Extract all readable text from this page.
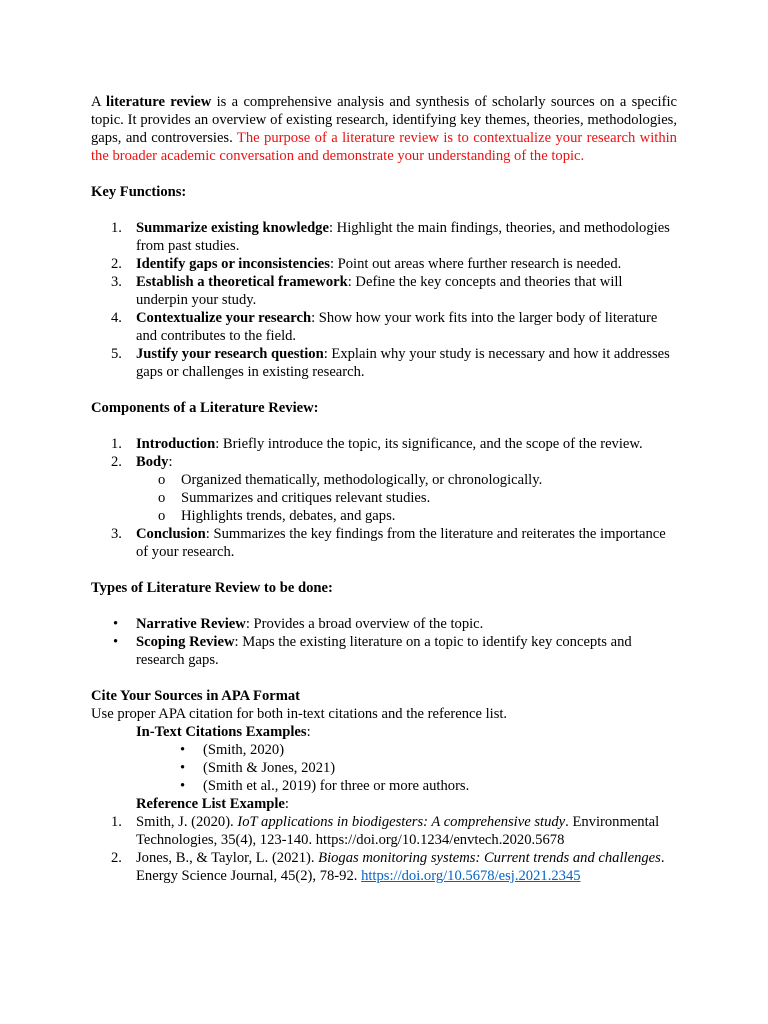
A literature review is a comprehensive analysis and synthesis of scholarly sources on a specific topic. It provides an overview of existing research, identifying key themes, theories, methodologies, gaps, and controversies. The purpose of a literature review is to contextualize your research within the broader academic conversation and demonstrate your understanding of the topic.

Key Functions:

1. Summarize existing knowledge: Highlight the main findings, theories, and methodologies from past studies.
2. Identify gaps or inconsistencies: Point out areas where further research is needed.
3. Establish a theoretical framework: Define the key concepts and theories that will underpin your study.
4. Contextualize your research: Show how your work fits into the larger body of literature and contributes to the field.
5. Justify your research question: Explain why your study is necessary and how it addresses gaps or challenges in existing research.

Components of a Literature Review:

1. Introduction: Briefly introduce the topic, its significance, and the scope of the review.
2. Body:
o Organized thematically, methodologically, or chronologically.
o Summarizes and critiques relevant studies.
o Highlights trends, debates, and gaps.
3. Conclusion: Summarizes the key findings from the literature and reiterates the importance of your research.

Types of Literature Review to be done:

• Narrative Review: Provides a broad overview of the topic.
• Scoping Review: Maps the existing literature on a topic to identify key concepts and research gaps.

Cite Your Sources in APA Format

Use proper APA citation for both in-text citations and the reference list.

In-Text Citations Examples:

• (Smith, 2020)
• (Smith & Jones, 2021)
• (Smith et al., 2019) for three or more authors.

Reference List Example:

1. Smith, J. (2020). IoT applications in biodigesters: A comprehensive study. Environmental Technologies, 35(4), 123-140. https://doi.org/10.1234/envtech.2020.5678
2. Jones, B., & Taylor, L. (2021). Biogas monitoring systems: Current trends and challenges. Energy Science Journal, 45(2), 78-92. https://doi.org/10.5678/esj.2021.2345
